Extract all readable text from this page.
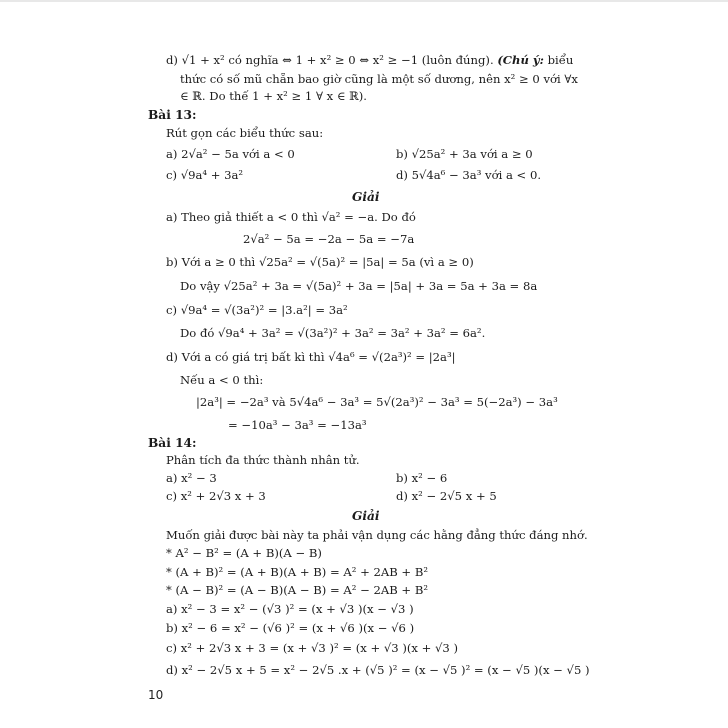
d) √1 + x² có nghĩa ⇔ 1 + x² ≥ 0 ⇔ x² ≥ −1 (luôn đúng). (Chú ý: biểu
thức có số mũ chẵn bao giờ cũng là một số dương, nên x² ≥ 0 với ∀x
∈ ℝ. Do thế 1 + x² ≥ 1 ∀ x ∈ ℝ).
Bài 13:
Rút gọn các biểu thức sau:
a) 2√a² − 5a với a < 0	b) √25a² + 3a với a ≥ 0
c) √9a⁴ + 3a²	d) 5√4a⁶ − 3a³ với a < 0.
Giải
a) Theo giả thiết a < 0 thì √a² = −a. Do đó
2√a² − 5a = −2a − 5a = −7a
b) Với a ≥ 0 thì √25a² = √(5a)² = |5a| = 5a (vì a ≥ 0)
Do vậy √25a² + 3a = √(5a)² + 3a = |5a| + 3a = 5a + 3a = 8a
c) √9a⁴ = √(3a²)² = |3.a²| = 3a²
Do đó √9a⁴ + 3a² = √(3a²)² + 3a² = 3a² + 3a² = 6a².
d) Với a có giá trị bất kì thì √4a⁶ = √(2a³)² = |2a³|
Nếu a < 0 thì:
|2a³| = −2a³ và 5√4a⁶ − 3a³ = 5√(2a³)² − 3a³ = 5(−2a³) − 3a³
= −10a³ − 3a³ = −13a³
Bài 14:
Phân tích đa thức thành nhân tử.
a) x² − 3	b) x² − 6
c) x² + 2√3 x + 3	d) x² − 2√5 x + 5
Giải
Muốn giải được bài này ta phải vận dụng các hằng đẳng thức đáng nhớ.
* A² − B² = (A + B)(A − B)
* (A + B)² = (A + B)(A + B) = A² + 2AB + B²
* (A − B)² = (A − B)(A − B) = A² − 2AB + B²
a) x² − 3 = x² − (√3 )² = (x + √3 )(x − √3 )
b) x² − 6 = x² − (√6 )² = (x + √6 )(x − √6 )
c) x² + 2√3 x + 3 = (x + √3 )² = (x + √3 )(x + √3 )
d) x² − 2√5 x + 5 = x² − 2√5 .x + (√5 )² = (x − √5 )² = (x − √5 )(x − √5 )
10
